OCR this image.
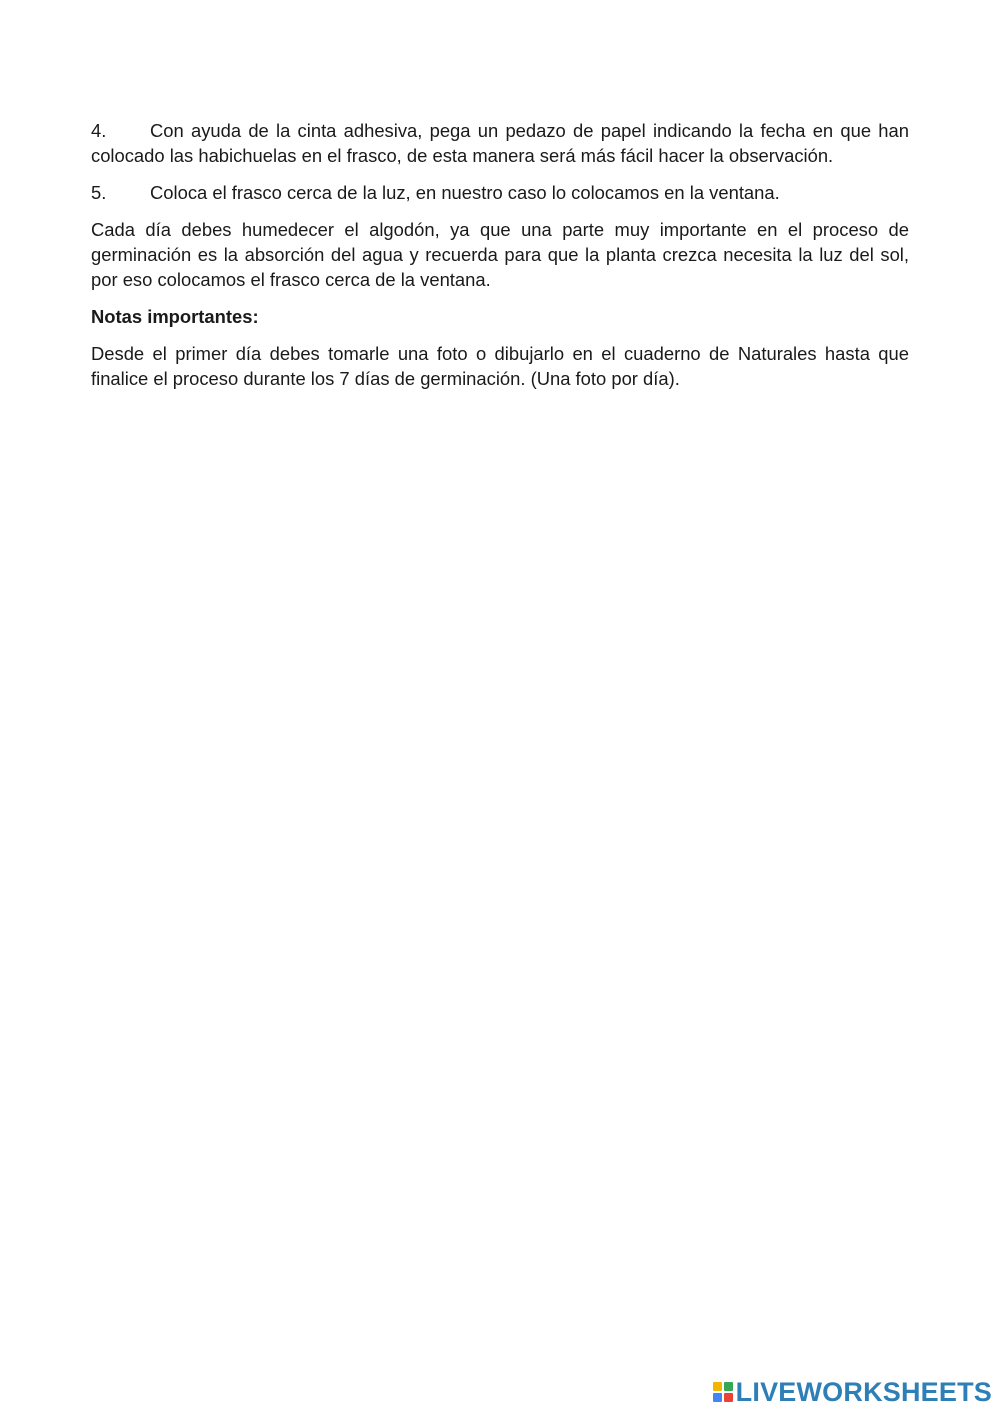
4. Con ayuda de la cinta adhesiva, pega un pedazo de papel indicando la fecha en que han colocado las habichuelas en el frasco, de esta manera será más fácil hacer la observación.

5. Coloca el frasco cerca de la luz, en nuestro caso lo colocamos en la ventana.

Cada día debes humedecer el algodón, ya que una parte muy importante en el proceso de germinación es la absorción del agua y recuerda para que la planta crezca necesita la luz del sol, por eso colocamos el frasco cerca de la ventana.

Notas importantes:

Desde el primer día debes tomarle una foto o dibujarlo en el cuaderno de Naturales hasta que finalice el proceso durante los 7 días de germinación. (Una foto por día).

LIVEWORKSHEETS
